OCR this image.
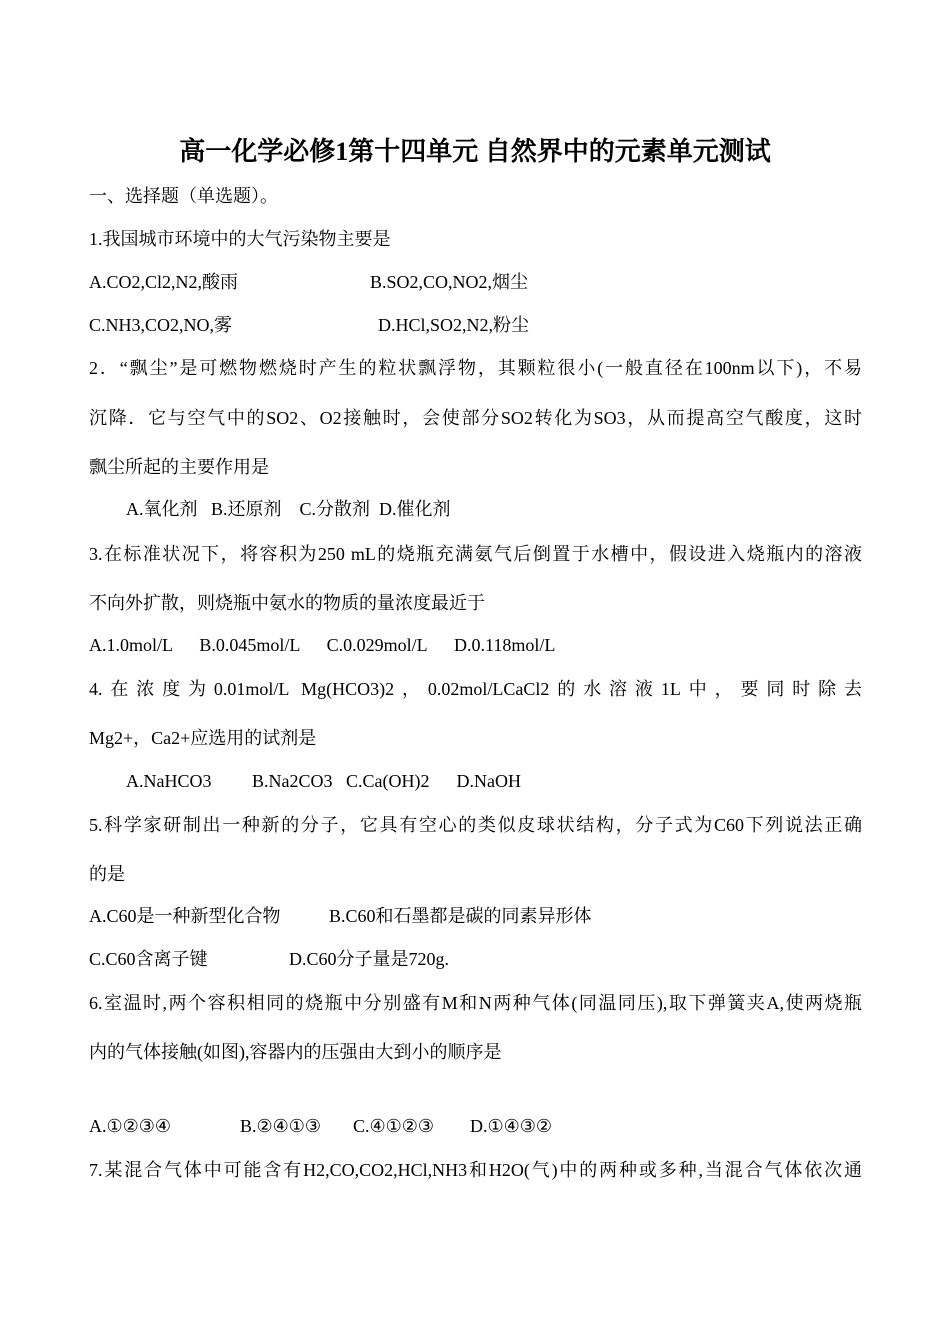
高一化学必修1第十四单元 自然界中的元素单元测试
一、选择题（单选题）。
1.我国城市环境中的大气污染物主要是
A.CO2,Cl2,N2,酸雨	B.SO2,CO,NO2,烟尘
C.NH3,CO2,NO,雾	D.HCl,SO2,N2,粉尘
2．“飘尘”是可燃物燃烧时产生的粒状飘浮物，其颗粒很小(一般直径在100nm以下)，不易
沉降．它与空气中的SO2、O2接触时，会使部分SO2转化为SO3，从而提高空气酸度，这时
飘尘所起的主要作用是
A.氧化剂   B.还原剂    C.分散剂  D.催化剂
3.在标准状况下，将容积为250 mL的烧瓶充满氨气后倒置于水槽中，假设进入烧瓶内的溶液
不向外扩散，则烧瓶中氨水的物质的量浓度最近于
A.1.0mol/L      B.0.045mol/L      C.0.029mol/L      D.0.118mol/L
4.在浓度为0.01mol/L Mg(HCO3)2，0.02mol/LCaCl2的水溶液1L中，要同时除去
Mg2+，Ca2+应选用的试剂是
A.NaHCO3         B.Na2CO3   C.Ca(OH)2      D.NaOH
5.科学家研制出一种新的分子，它具有空心的类似皮球状结构，分子式为C60下列说法正确
的是
A.C60是一种新型化合物	B.C60和石墨都是碳的同素异形体
C.C60含离子键	D.C60分子量是720g.
6.室温时,两个容积相同的烧瓶中分别盛有M和N两种气体(同温同压),取下弹簧夹A,使两烧瓶
内的气体接触(如图),容器内的压强由大到小的顺序是
A.①②③④	B.②④①③ C.④①②③ D.①④③②
7.某混合气体中可能含有H2,CO,CO2,HCl,NH3和H2O(气)中的两种或多种,当混合气体依次通
